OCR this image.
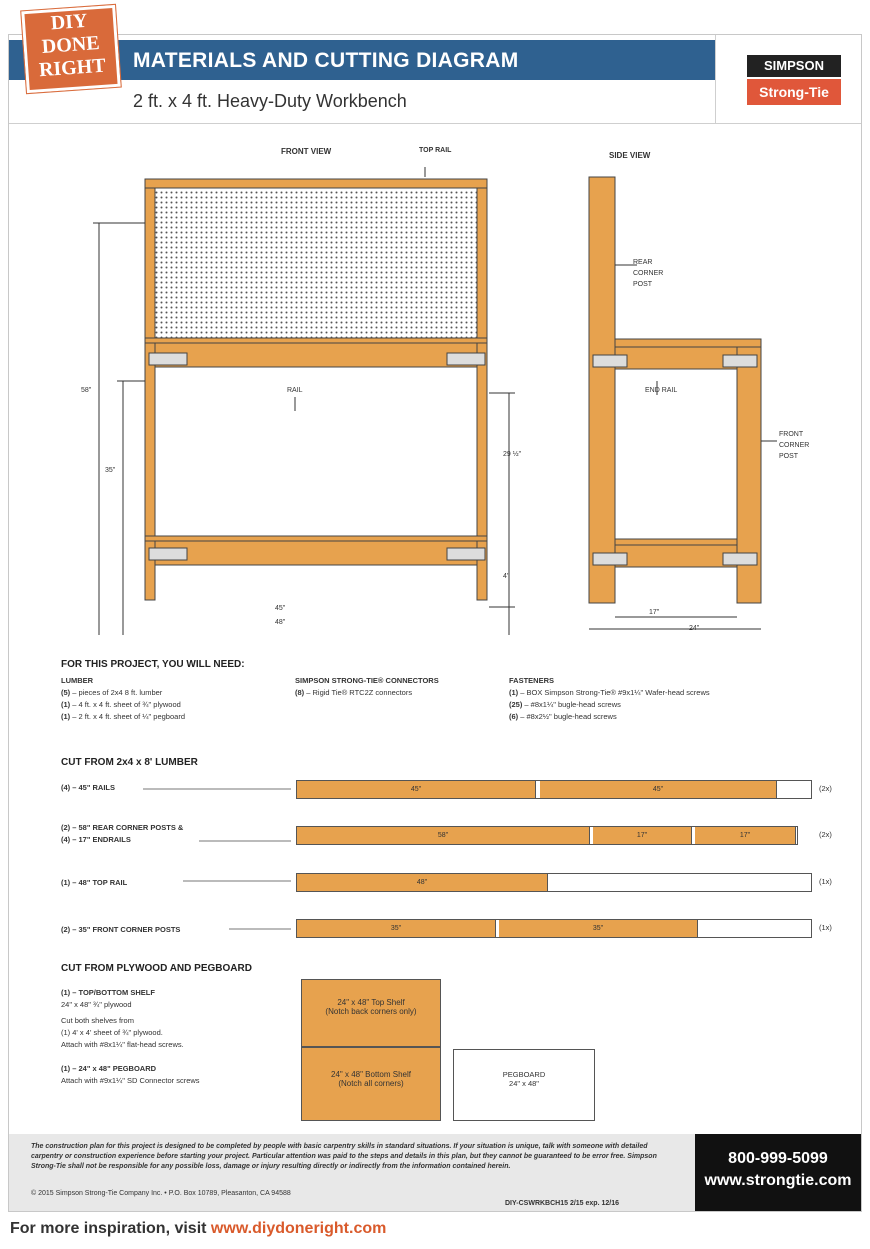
MATERIALS AND CUTTING DIAGRAM
2 ft. x 4 ft. Heavy-Duty Workbench
SIMPSON
Strong-Tie
FRONT VIEW	TOP RAIL
RAIL
58"
35"
29 ½"
4"
45"
48"
SIDE VIEW
REAR
CORNER
POST
END RAIL
FRONT
CORNER
POST
17"
24"
FOR THIS PROJECT, YOU WILL NEED:
LUMBER
(5) – pieces of 2x4 8 ft. lumber
(1) – 4 ft. x 4 ft. sheet of ¾" plywood
(1) – 2 ft. x 4 ft. sheet of ¼" pegboard
SIMPSON STRONG-TIE® CONNECTORS
(8) – Rigid Tie® RTC2Z connectors
FASTENERS
(1) – BOX Simpson Strong-Tie® #9x1¼" Wafer-head screws
(25) – #8x1¼" bugle-head screws
(6) – #8x2½" bugle-head screws
CUT FROM 2x4 x 8' LUMBER
(4) – 45" RAILS	45"	45"	(2x)
(2) – 58" REAR CORNER POSTS &
(4) – 17" ENDRAILS	58"	17"	17"	(2x)
(1) – 48" TOP RAIL	48"	(1x)
(2) – 35" FRONT CORNER POSTS	35"	35"	(1x)
CUT FROM PLYWOOD AND PEGBOARD
(1) – TOP/BOTTOM SHELF
24" x 48" ¾" plywood
Cut both shelves from
(1) 4' x 4' sheet of ¾" plywood.
Attach with #8x1¼" flat-head screws.
(1) – 24" x 48" PEGBOARD
Attach with #9x1¼" SD Connector screws
24" x 48" Top Shelf
(Notch back corners only)
24" x 48" Bottom Shelf
(Notch all corners)
PEGBOARD
24" x 48"
The construction plan for this project is designed to be completed by people with basic carpentry skills in standard situations. If your situation is unique, talk with someone with detailed carpentry or construction experience before starting your project. Particular attention was paid to the steps and details in this plan, but they cannot be guaranteed to be error free. Simpson Strong-Tie shall not be responsible for any possible loss, damage or injury resulting directly or indirectly from the information contained herein.
© 2015 Simpson Strong-Tie Company Inc. • P.O. Box 10789, Pleasanton, CA 94588
DIY-CSWRKBCH15 2/15 exp. 12/16
800-999-5099
www.strongtie.com
DIY
DONE
RIGHT
For more inspiration, visit www.diydoneright.com
